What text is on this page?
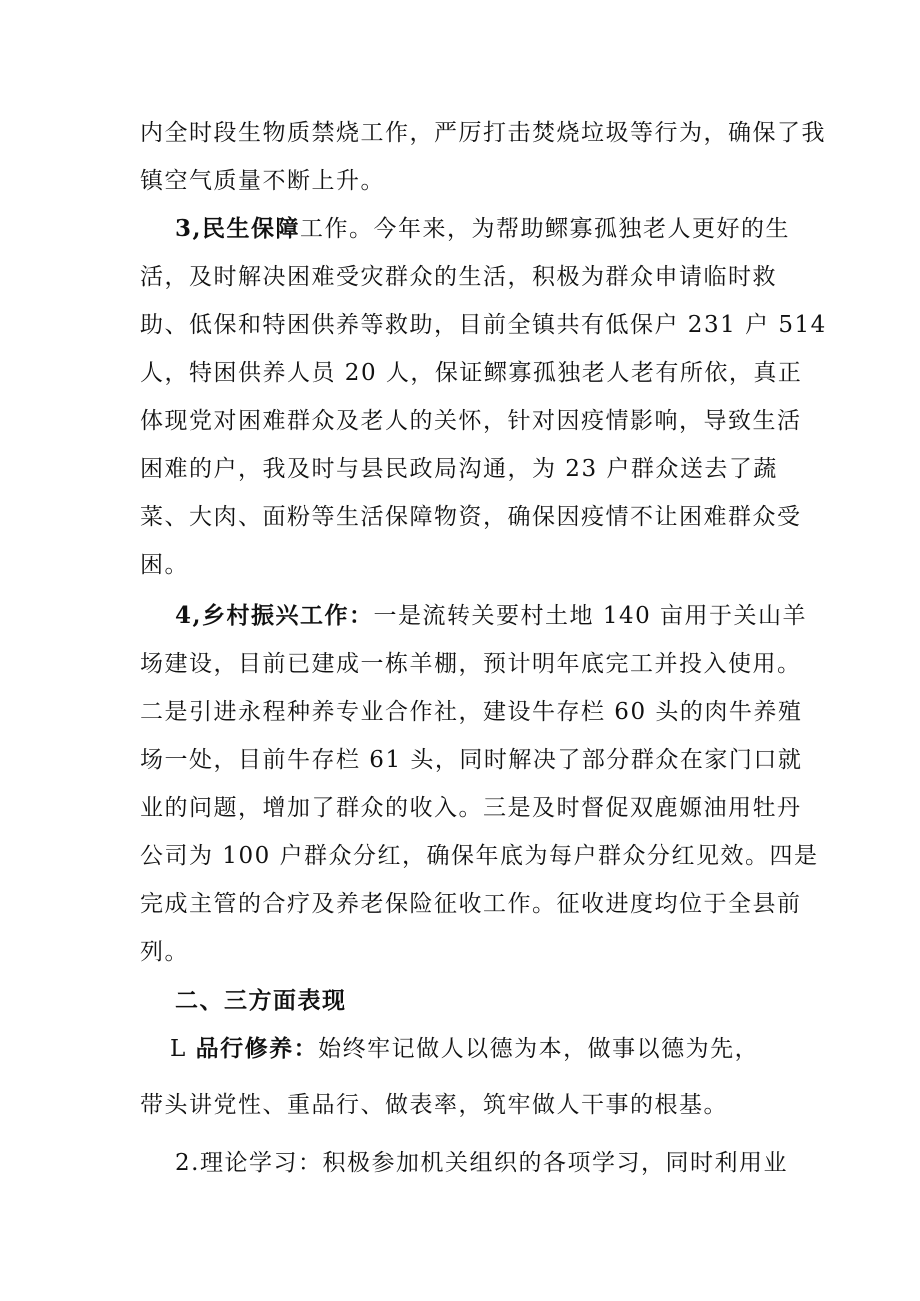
内全时段生物质禁烧工作，严厉打击焚烧垃圾等行为，确保了我
镇空气质量不断上升。
3,民生保障工作。今年来，为帮助鳏寡孤独老人更好的生
活，及时解决困难受灾群众的生活，积极为群众申请临时救
助、低保和特困供养等救助，目前全镇共有低保户 231 户 514
人，特困供养人员 20 人，保证鳏寡孤独老人老有所依，真正
体现党对困难群众及老人的关怀，针对因疫情影响，导致生活
困难的户，我及时与县民政局沟通，为 23 户群众送去了蔬
菜、大肉、面粉等生活保障物资，确保因疫情不让困难群众受
困。
4,乡村振兴工作：一是流转关要村土地 140 亩用于关山羊
场建设，目前已建成一栋羊棚，预计明年底完工并投入使用。
二是引进永程种养专业合作社，建设牛存栏 60 头的肉牛养殖
场一处，目前牛存栏 61 头，同时解决了部分群众在家门口就
业的问题，增加了群众的收入。三是及时督促双鹿嫄油用牡丹
公司为 100 户群众分红，确保年底为每户群众分红见效。四是
完成主管的合疗及养老保险征收工作。征收进度均位于全县前
列。
二、三方面表现
L 品行修养：始终牢记做人以德为本，做事以德为先，
带头讲党性、重品行、做表率，筑牢做人干事的根基。
2.理论学习：积极参加机关组织的各项学习，同时利用业
